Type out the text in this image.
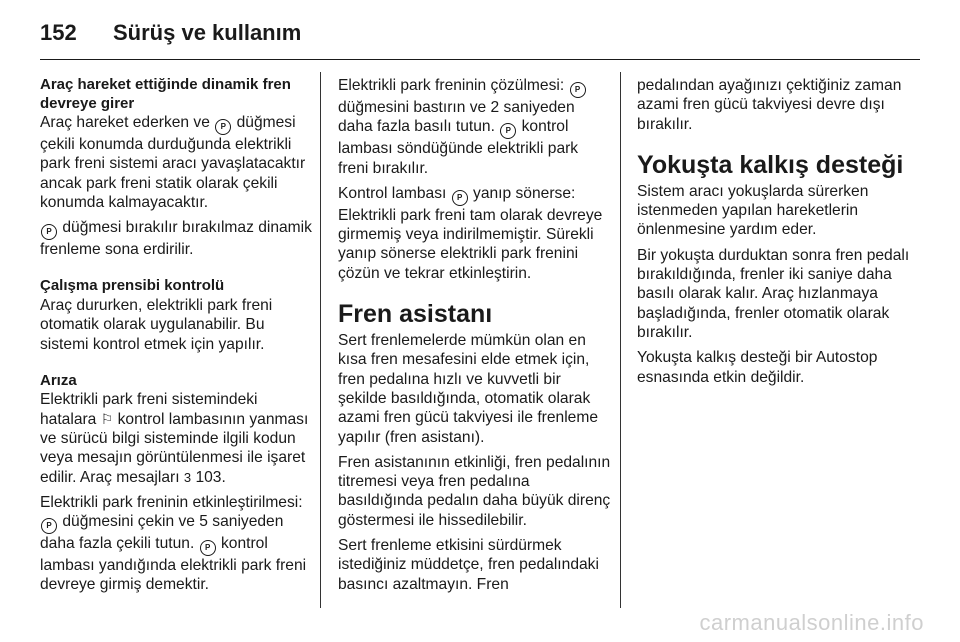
152	Sürüş ve kullanım
Araç hareket ettiğinde dinamik fren devreye girer

Araç hareket ederken ve P düğmesi çekili konumda durduğunda elektrikli park freni sistemi aracı yavaşlatacaktır ancak park freni statik olarak çekili konumda kalmayacaktır.

P düğmesi bırakılır bırakılmaz dinamik frenleme sona erdirilir.

Çalışma prensibi kontrolü

Araç dururken, elektrikli park freni otomatik olarak uygulanabilir. Bu sistemi kontrol etmek için yapılır.

Arıza

Elektrikli park freni sistemindeki hatalara ⚐ kontrol lambasının yanması ve sürücü bilgi sisteminde ilgili kodun veya mesajın görüntülenmesi ile işaret edilir. Araç mesajları 3 103.

Elektrikli park freninin etkinleştirilmesi: P düğmesini çekin ve 5 saniyeden daha fazla çekili tutun. P kontrol lambası yandığında elektrikli park freni devreye girmiş demektir.

Elektrikli park freninin çözülmesi: P düğmesini bastırın ve 2 saniyeden daha fazla basılı tutun. P kontrol lambası söndüğünde elektrikli park freni bırakılır.

Kontrol lambası P yanıp sönerse: Elektrikli park freni tam olarak devreye girmemiş veya indirilmemiştir. Sürekli yanıp sönerse elektrikli park frenini çözün ve tekrar etkinleştirin.

Fren asistanı

Sert frenlemelerde mümkün olan en kısa fren mesafesini elde etmek için, fren pedalına hızlı ve kuvvetli bir şekilde basıldığında, otomatik olarak azami fren gücü takviyesi ile frenleme yapılır (fren asistanı).

Fren asistanının etkinliği, fren pedalının titremesi veya fren pedalına basıldığında pedalın daha büyük direnç göstermesi ile hissedilebilir.

Sert frenleme etkisini sürdürmek istediğiniz müddetçe, fren pedalındaki basıncı azaltmayın. Fren

pedalından ayağınızı çektiğiniz zaman azami fren gücü takviyesi devre dışı bırakılır.

Yokuşta kalkış desteği

Sistem aracı yokuşlarda sürerken istenmeden yapılan hareketlerin önlenmesine yardım eder.

Bir yokuşta durduktan sonra fren pedalı bırakıldığında, frenler iki saniye daha basılı olarak kalır. Araç hızlanmaya başladığında, frenler otomatik olarak bırakılır.

Yokuşta kalkış desteği bir Autostop esnasında etkin değildir.

carmanualsonline.info
